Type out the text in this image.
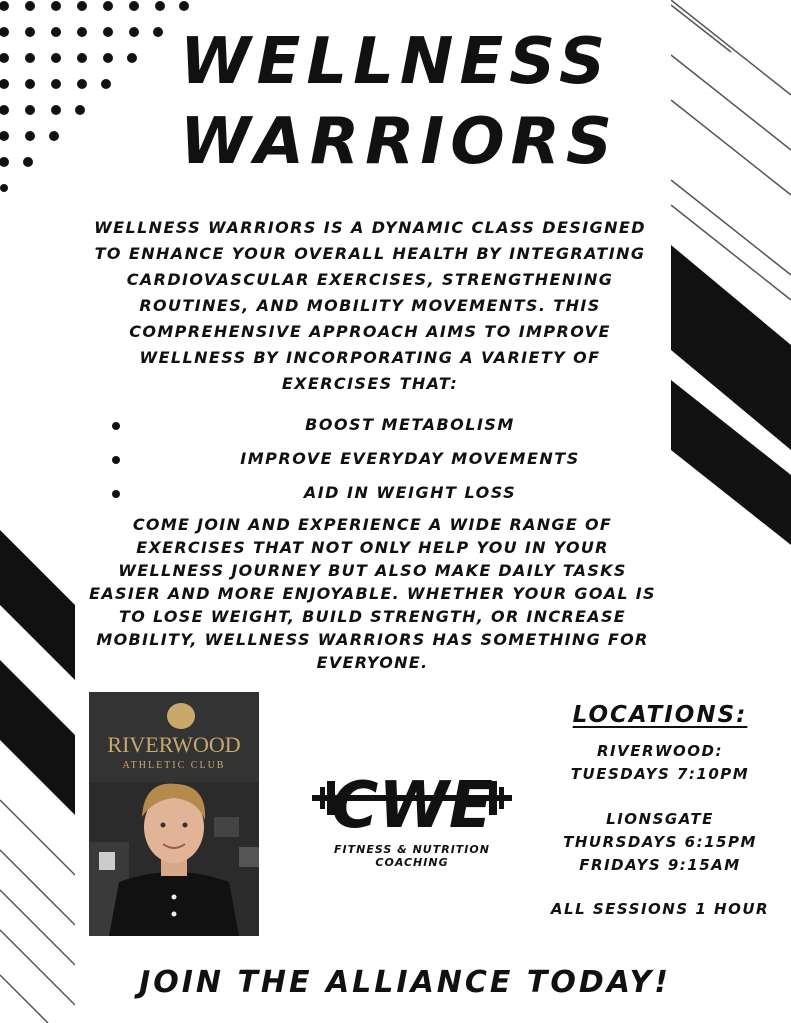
WELLNESS
WARRIORS
WELLNESS WARRIORS IS A DYNAMIC CLASS DESIGNED TO ENHANCE YOUR OVERALL HEALTH BY INTEGRATING CARDIOVASCULAR EXERCISES, STRENGTHENING ROUTINES, AND MOBILITY MOVEMENTS. THIS COMPREHENSIVE APPROACH AIMS TO IMPROVE WELLNESS BY INCORPORATING A VARIETY OF EXERCISES THAT:
BOOST METABOLISM
IMPROVE EVERYDAY MOVEMENTS
AID IN WEIGHT LOSS
COME JOIN AND EXPERIENCE A WIDE RANGE OF EXERCISES THAT NOT ONLY HELP YOU IN YOUR WELLNESS JOURNEY BUT ALSO MAKE DAILY TASKS EASIER AND MORE ENJOYABLE. WHETHER YOUR GOAL IS TO LOSE WEIGHT, BUILD STRENGTH, OR INCREASE MOBILITY, WELLNESS WARRIORS HAS SOMETHING FOR EVERYONE.
RIVERWOOD
ATHLETIC CLUB
CWE
FITNESS & NUTRITION
COACHING
LOCATIONS:
RIVERWOOD:
TUESDAYS 7:10PM
LIONSGATE
THURSDAYS 6:15PM
FRIDAYS 9:15AM
ALL SESSIONS 1 HOUR
JOIN THE ALLIANCE TODAY!
